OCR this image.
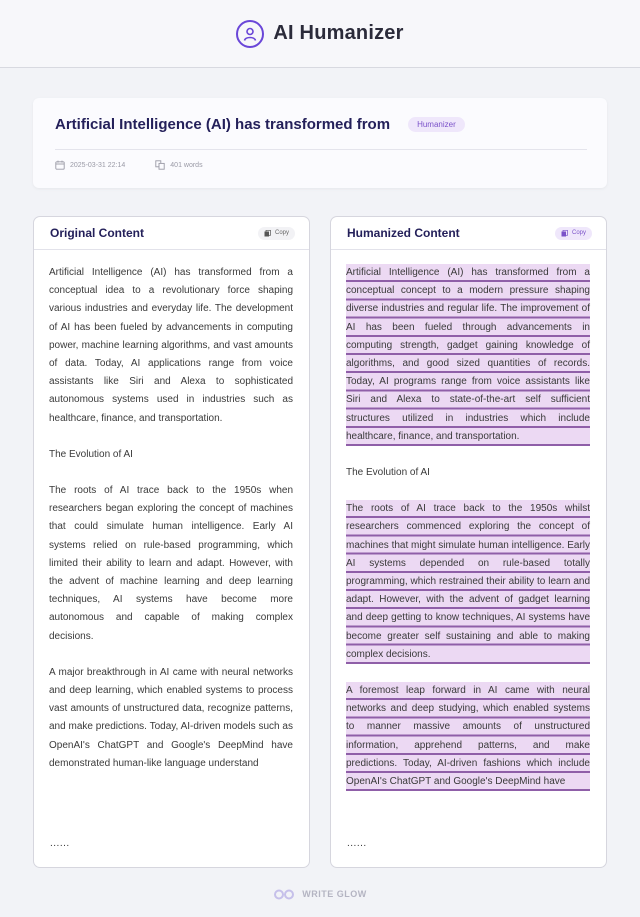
AI Humanizer
Artificial Intelligence (AI) has transformed from	Humanizer
2025-03-31 22:14	401 words
Original Content	Copy

Artificial Intelligence (AI) has transformed from a conceptual idea to a revolutionary force shaping various industries and everyday life. The development of AI has been fueled by advancements in computing power, machine learning algorithms, and vast amounts of data. Today, AI applications range from voice assistants like Siri and Alexa to sophisticated autonomous systems used in industries such as healthcare, finance, and transportation.

The Evolution of AI

The roots of AI trace back to the 1950s when researchers began exploring the concept of machines that could simulate human intelligence. Early AI systems relied on rule-based programming, which limited their ability to learn and adapt. However, with the advent of machine learning and deep learning techniques, AI systems have become more autonomous and capable of making complex decisions.

A major breakthrough in AI came with neural networks and deep learning, which enabled systems to process vast amounts of unstructured data, recognize patterns, and make predictions. Today, AI-driven models such as OpenAI's ChatGPT and Google's DeepMind have demonstrated human-like language understand

......
Humanized Content	Copy

Artificial Intelligence (AI) has transformed from a conceptual concept to a modern pressure shaping diverse industries and regular life. The improvement of AI has been fueled through advancements in computing strength, gadget gaining knowledge of algorithms, and good sized quantities of records. Today, AI programs range from voice assistants like Siri and Alexa to state-of-the-art self sufficient structures utilized in industries which include healthcare, finance, and transportation.

The Evolution of AI

The roots of AI trace back to the 1950s whilst researchers commenced exploring the concept of machines that might simulate human intelligence. Early AI systems depended on rule-based totally programming, which restrained their ability to learn and adapt. However, with the advent of gadget learning and deep getting to know techniques, AI systems have become greater self sustaining and able to making complex decisions.

A foremost leap forward in AI came with neural networks and deep studying, which enabled systems to manner massive amounts of unstructured information, apprehend patterns, and make predictions. Today, AI-driven fashions which include OpenAI's ChatGPT and Google's DeepMind have

......
WRITE GLOW
